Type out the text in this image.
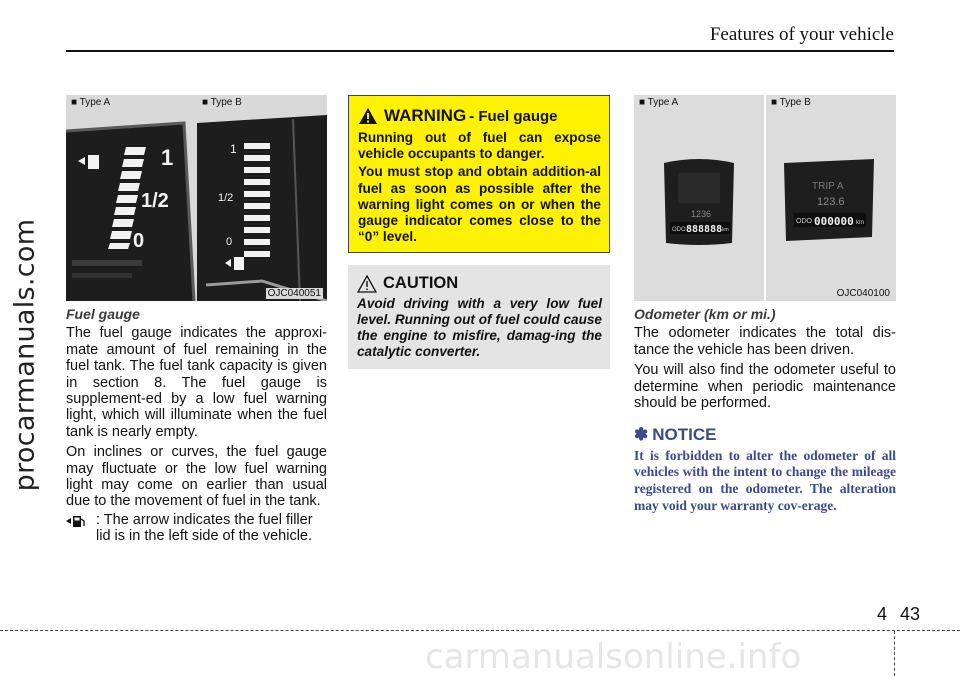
procarmanuals.com
Features of your vehicle
1
1/2
0
1
1/2
0
■ Type A	■ Type B
OJC040051
1236
ODO 888888 km
TRIP A
123.6
ODO 000000 km
■ Type A	■ Type B
OJC040100
Fuel gauge

The fuel gauge indicates the approxi-mate amount of fuel remaining in the fuel tank. The fuel tank capacity is given in section 8. The fuel gauge is supplement-ed by a low fuel warning light, which will illuminate when the fuel tank is nearly empty.

On inclines or curves, the fuel gauge may fluctuate or the low fuel warning light may come on earlier than usual due to the movement of fuel in the tank.

: The arrow indicates the fuel filler lid is in the left side of the vehicle.
WARNING - Fuel gauge

Running out of fuel can expose vehicle occupants to danger.

You must stop and obtain addition-al fuel as soon as possible after the warning light comes on or when the gauge indicator comes close to the “0” level.

CAUTION

Avoid driving with a very low fuel level. Running out of fuel could cause the engine to misfire, damag-ing the catalytic converter.

Odometer (km or mi.)

The odometer indicates the total dis-tance the vehicle has been driven.

You will also find the odometer useful to determine when periodic maintenance should be performed.

✽ NOTICE

It is forbidden to alter the odometer of all vehicles with the intent to change the mileage registered on the odometer. The alteration may void your warranty cov-erage.

carmanualsonline.info
4 43
